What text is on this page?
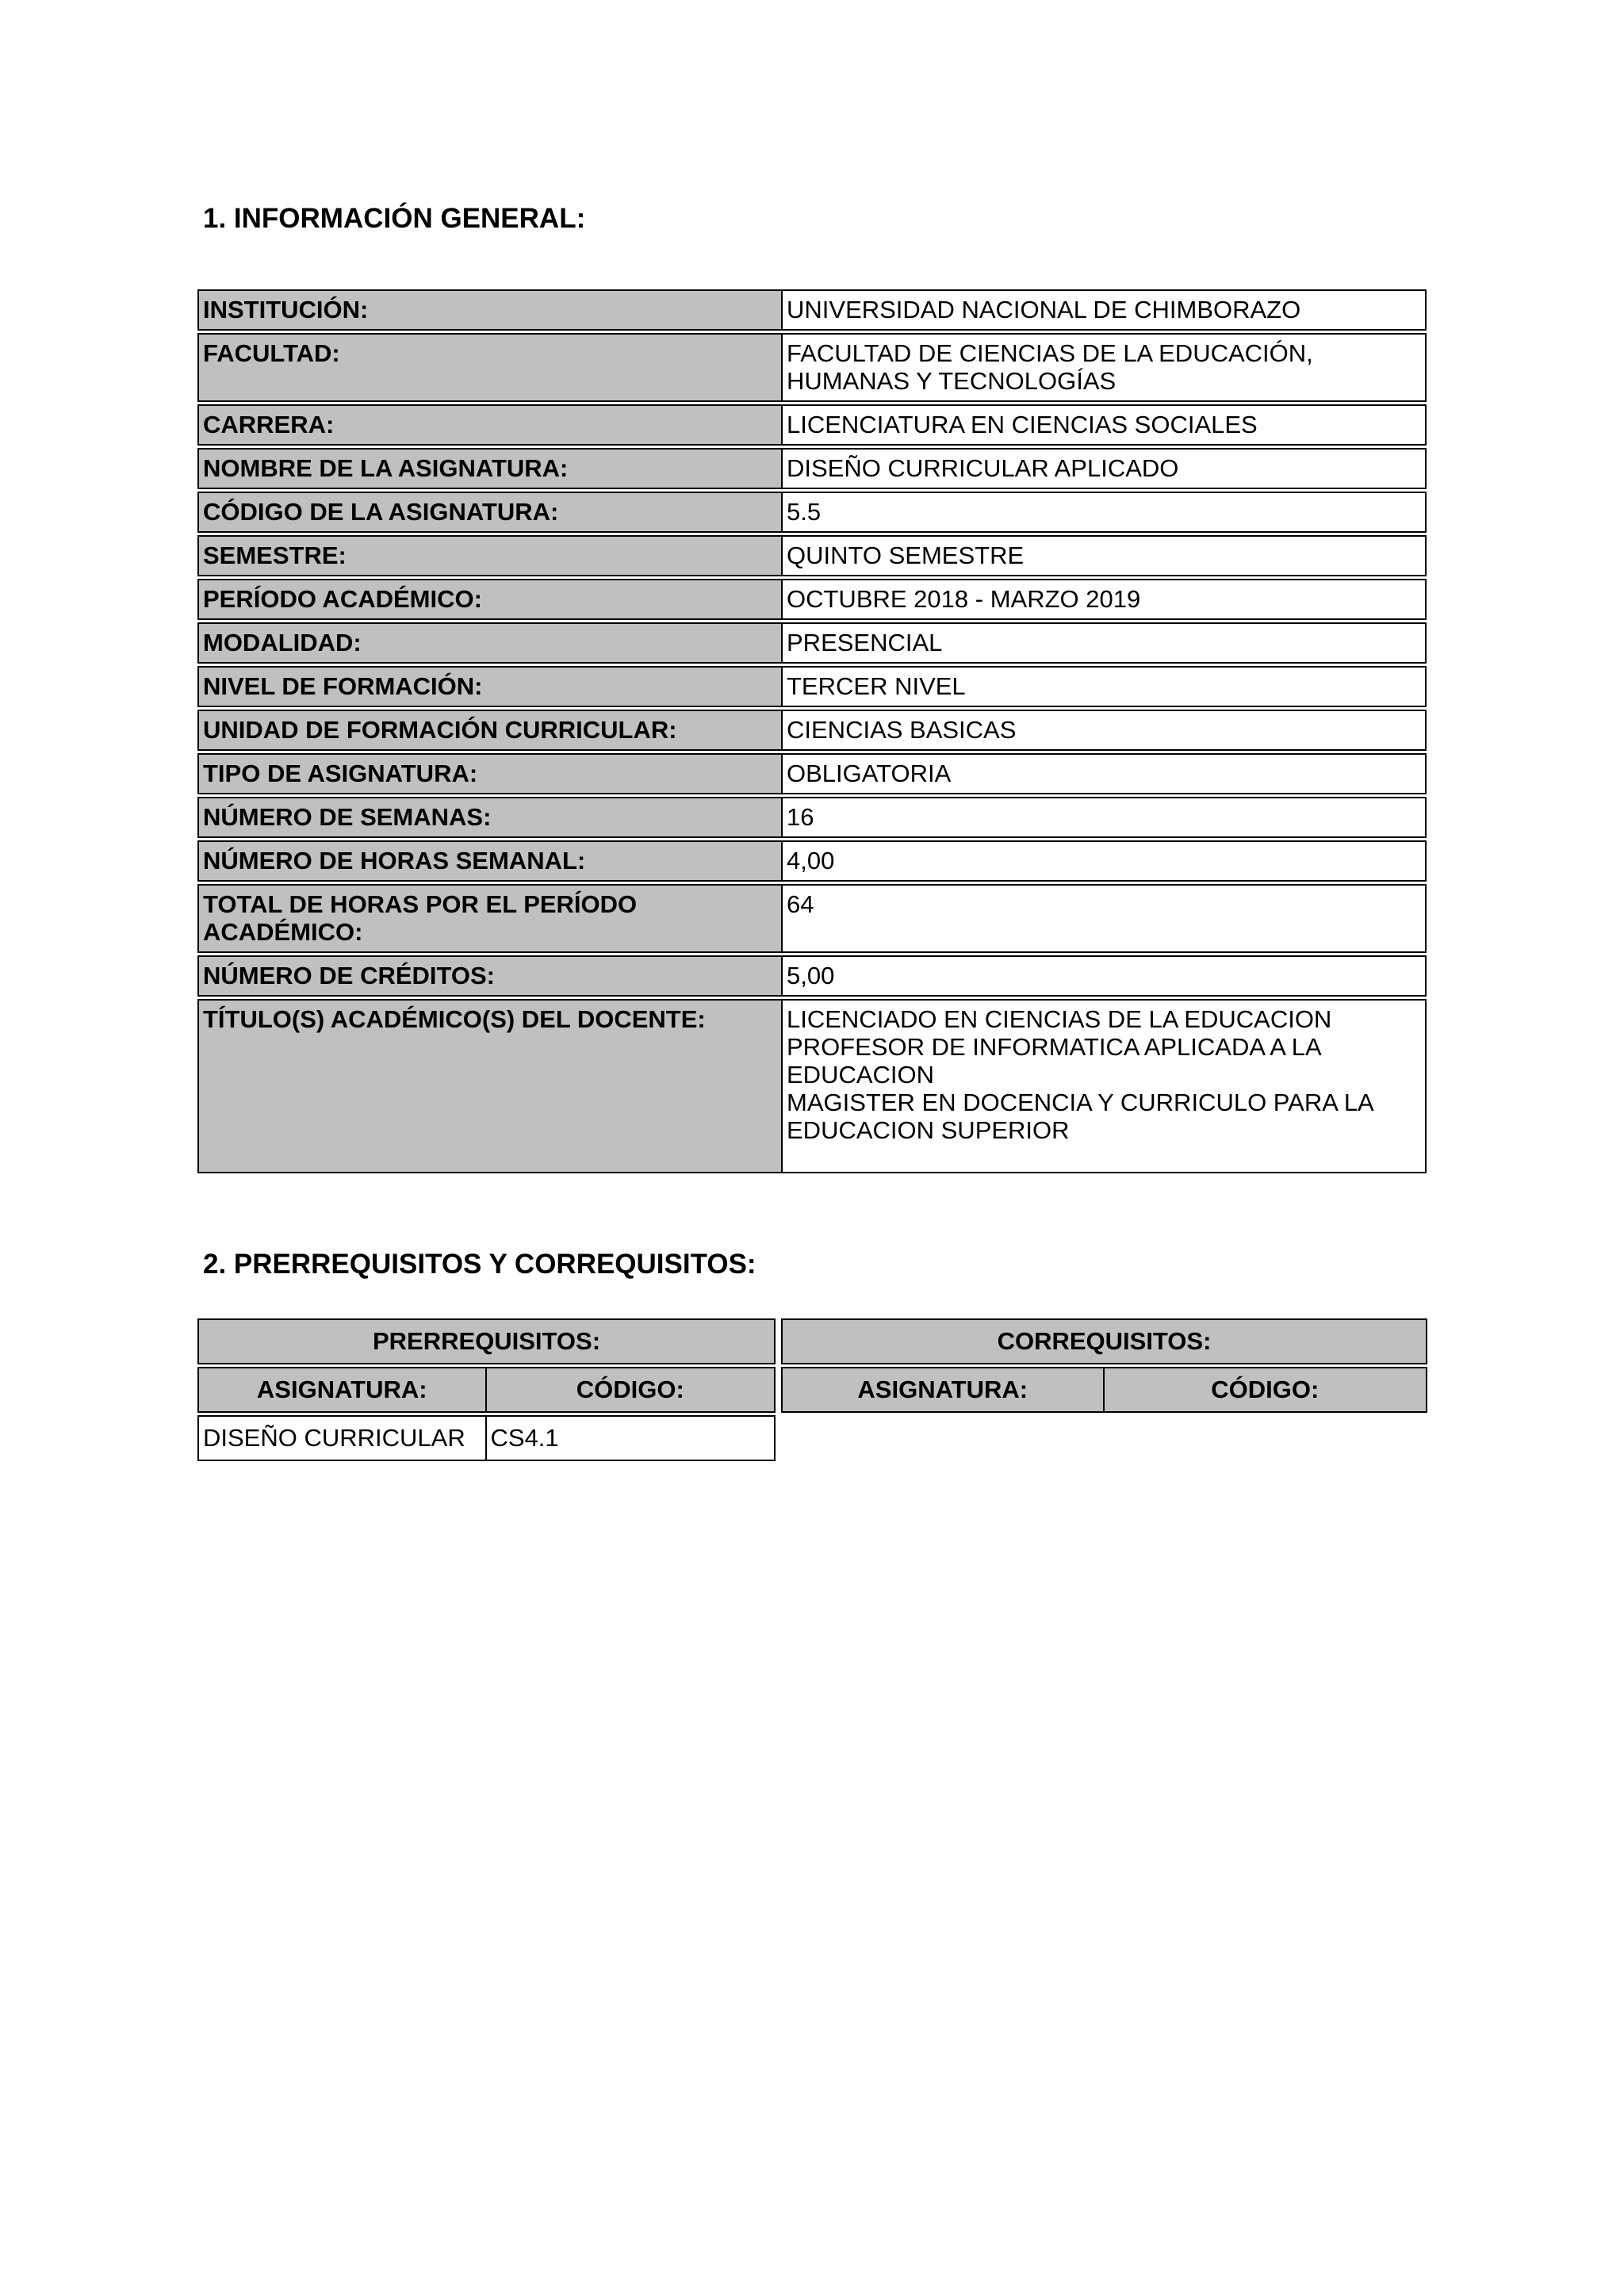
1. INFORMACIÓN GENERAL:
INSTITUCIÓN:	UNIVERSIDAD NACIONAL DE CHIMBORAZO

FACULTAD:	FACULTAD DE CIENCIAS DE LA EDUCACIÓN,
HUMANAS Y TECNOLOGÍAS

CARRERA:	LICENCIATURA EN CIENCIAS SOCIALES

NOMBRE DE LA ASIGNATURA:	DISEÑO CURRICULAR APLICADO

CÓDIGO DE LA ASIGNATURA:	5.5

SEMESTRE:	QUINTO SEMESTRE

PERÍODO ACADÉMICO:	OCTUBRE 2018 - MARZO 2019

MODALIDAD:	PRESENCIAL

NIVEL DE FORMACIÓN:	TERCER NIVEL

UNIDAD DE FORMACIÓN CURRICULAR:	CIENCIAS BASICAS

TIPO DE ASIGNATURA:	OBLIGATORIA

NÚMERO DE SEMANAS:	16

NÚMERO DE HORAS SEMANAL:	4,00

TOTAL DE HORAS POR EL PERÍODO ACADÉMICO:	64

NÚMERO DE CRÉDITOS:	5,00

TÍTULO(S) ACADÉMICO(S) DEL DOCENTE:	LICENCIADO EN CIENCIAS DE LA EDUCACION
PROFESOR DE INFORMATICA APLICADA A LA EDUCACION
MAGISTER EN DOCENCIA Y CURRICULO PARA LA EDUCACION SUPERIOR
2. PRERREQUISITOS Y CORREQUISITOS:
PRERREQUISITOS:	
ASIGNATURA:	CÓDIGO:
DISEÑO CURRICULAR	CS4.1
CORREQUISITOS:
ASIGNATURA:	CÓDIGO:
